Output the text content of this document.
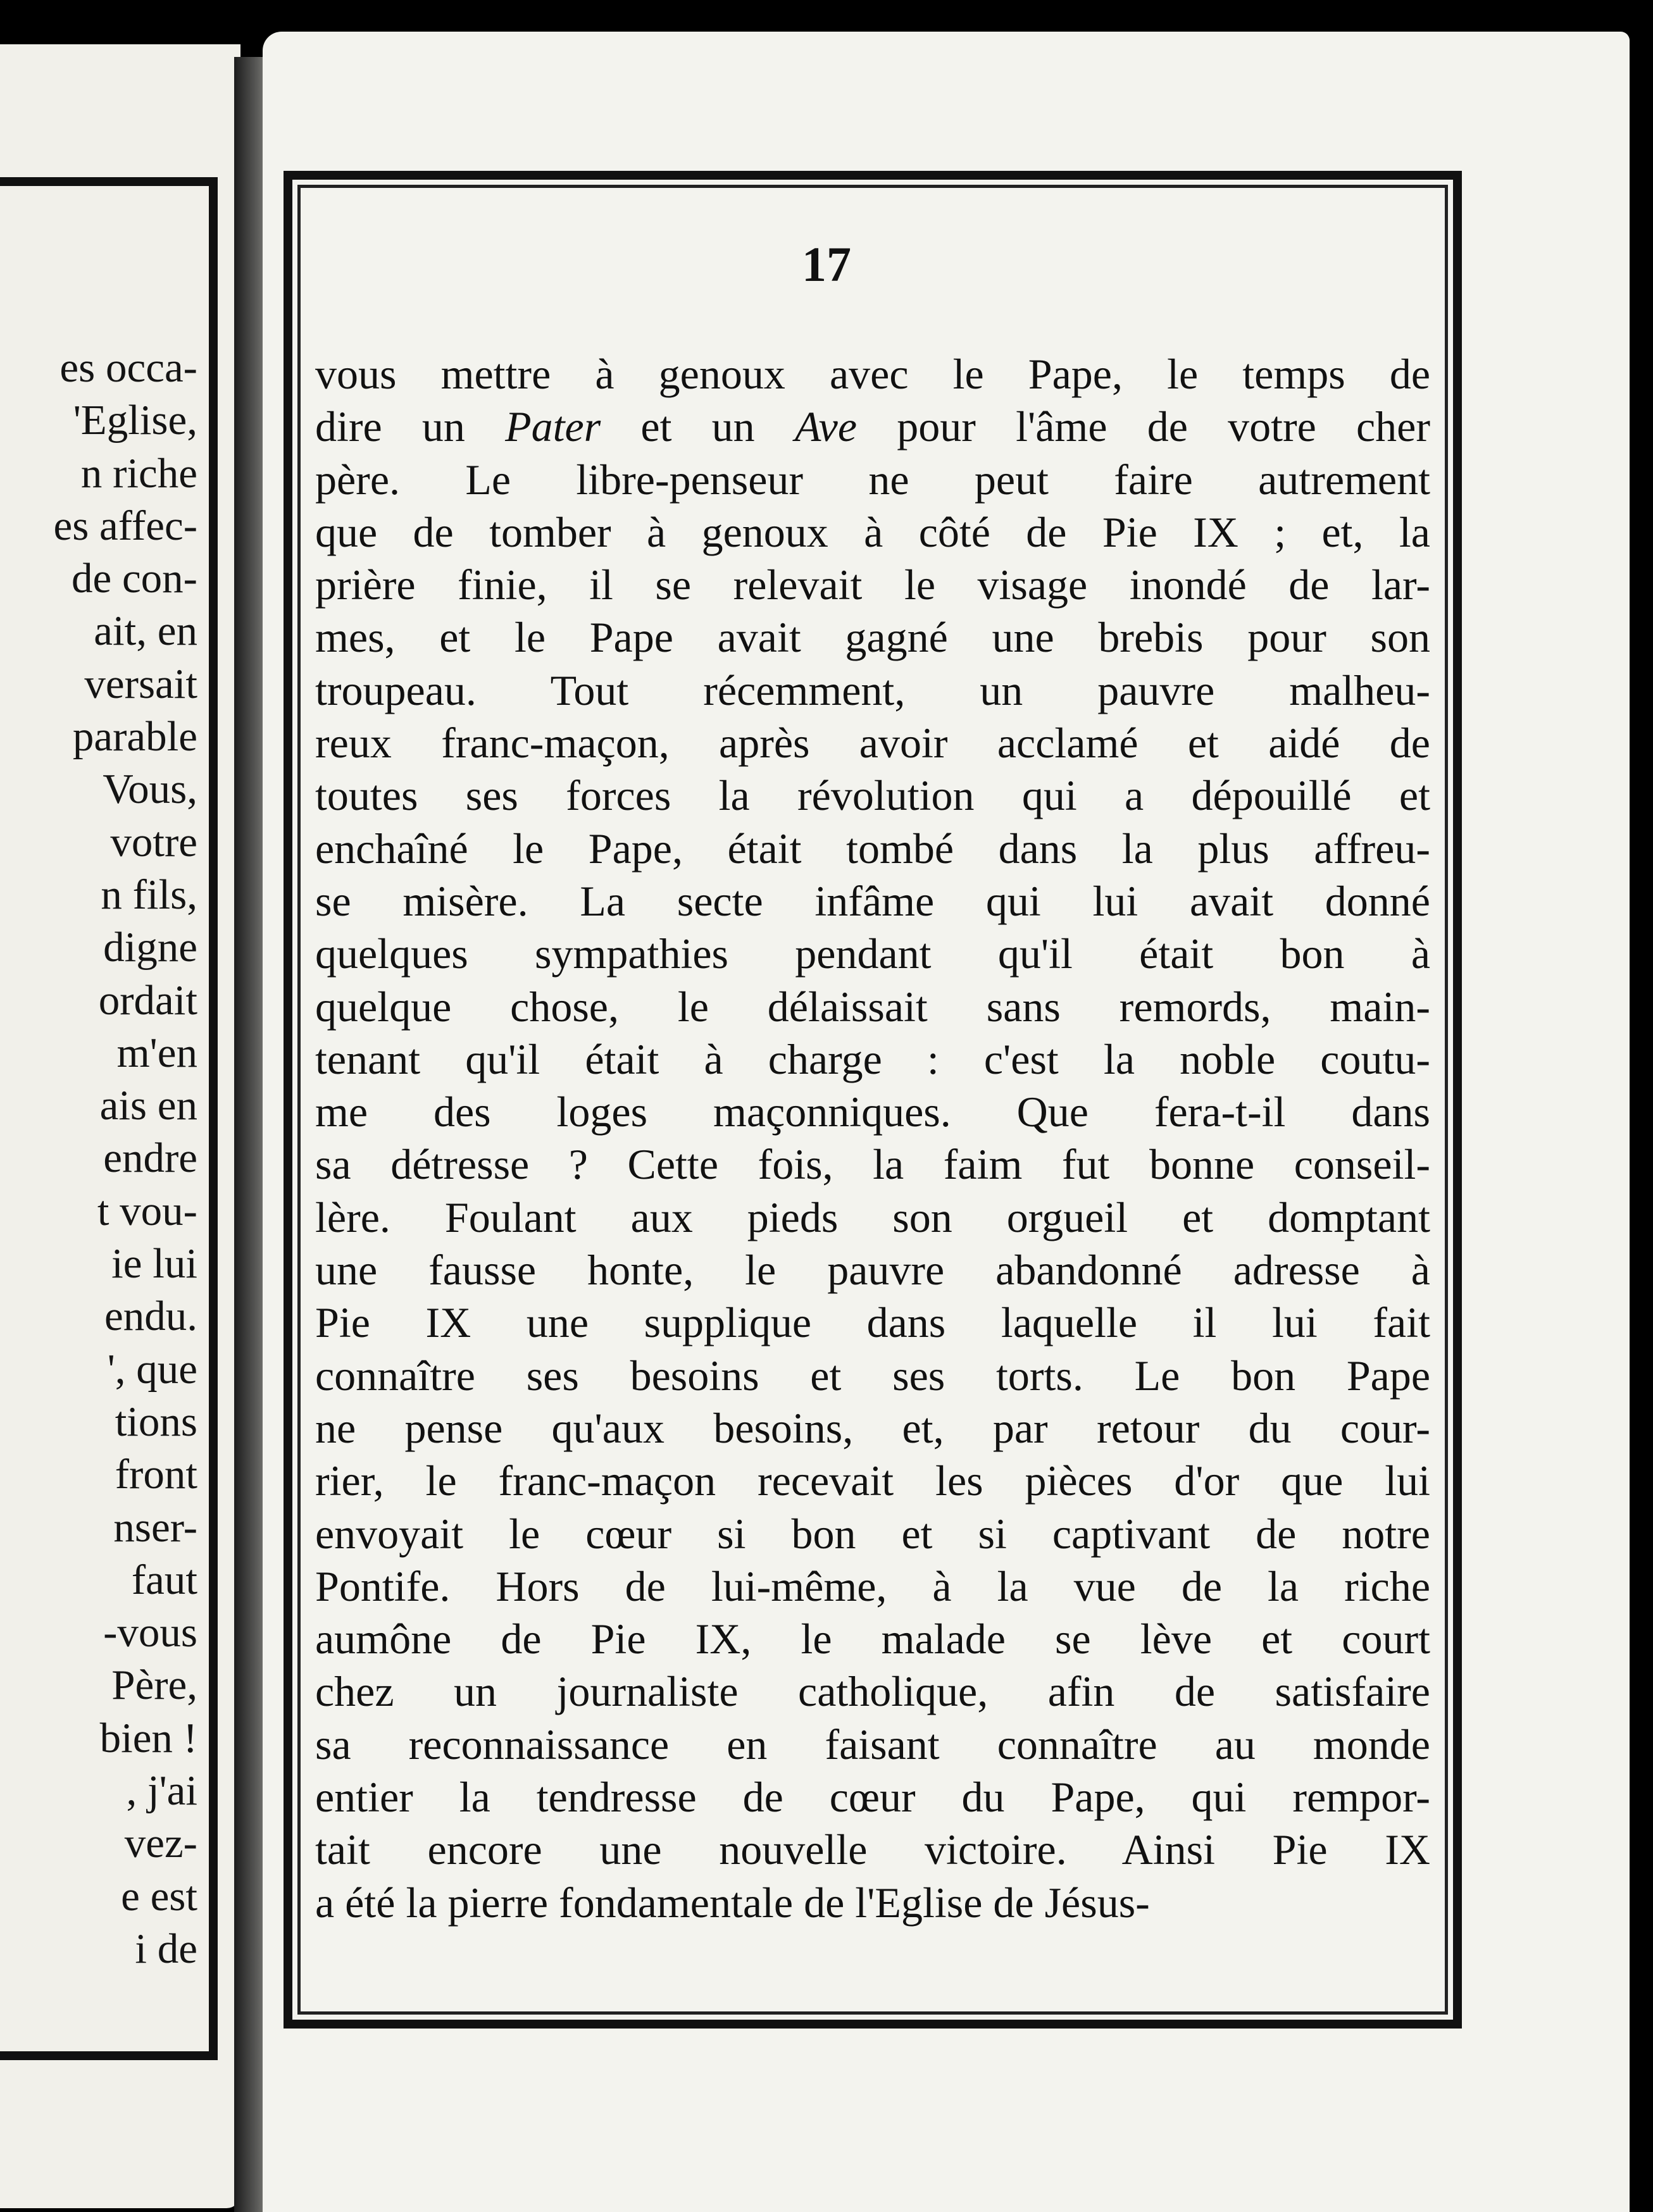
es occa-
'Eglise,
n riche
es affec-
de con-
ait, en
versait
parable
Vous,
votre
n fils,
digne
ordait
m'en
ais en
endre
t vou-
ie lui
endu.
', que
tions
front
nser-
faut
-vous
Père,
bien !
, j'ai
vez-
e est
i de
17
vous mettre à genoux avec le Pape, le temps de
dire un Pater et un Ave pour l'âme de votre cher
père. Le libre-penseur ne peut faire autrement
que de tomber à genoux à côté de Pie IX ; et, la
prière finie, il se relevait le visage inondé de lar-
mes, et le Pape avait gagné une brebis pour son
troupeau. Tout récemment, un pauvre malheu-
reux franc-maçon, après avoir acclamé et aidé de
toutes ses forces la révolution qui a dépouillé et
enchaîné le Pape, était tombé dans la plus affreu-
se misère. La secte infâme qui lui avait donné
quelques sympathies pendant qu'il était bon à
quelque chose, le délaissait sans remords, main-
tenant qu'il était à charge : c'est la noble coutu-
me des loges maçonniques. Que fera-t-il dans
sa détresse ? Cette fois, la faim fut bonne conseil-
lère. Foulant aux pieds son orgueil et domptant
une fausse honte, le pauvre abandonné adresse à
Pie IX une supplique dans laquelle il lui fait
connaître ses besoins et ses torts. Le bon Pape
ne pense qu'aux besoins, et, par retour du cour-
rier, le franc-maçon recevait les pièces d'or que lui
envoyait le cœur si bon et si captivant de notre
Pontife. Hors de lui-même, à la vue de la riche
aumône de Pie IX, le malade se lève et court
chez un journaliste catholique, afin de satisfaire
sa reconnaissance en faisant connaître au monde
entier la tendresse de cœur du Pape, qui rempor-
tait encore une nouvelle victoire. Ainsi Pie IX
a été la pierre fondamentale de l'Eglise de Jésus-
